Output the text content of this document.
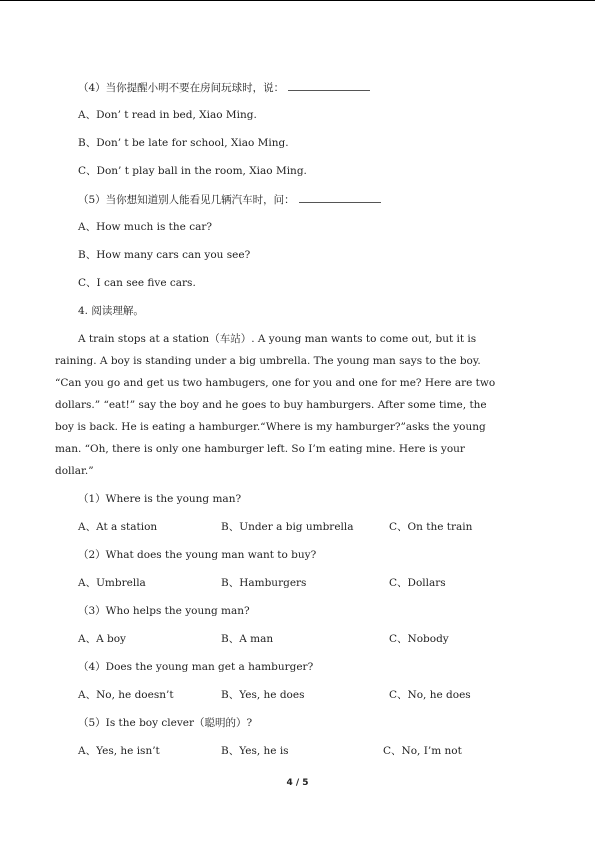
（4）当你提醒小明不要在房间玩球时，说：
A、Don’ t read in bed, Xiao Ming.
B、Don’ t be late for school, Xiao Ming.
C、Don’ t play ball in the room, Xiao Ming.
（5）当你想知道别人能看见几辆汽车时，问：
A、How much is the car?
B、How many cars can you see?
C、I can see five cars.
4. 阅读理解。
A train stops at a station（车站）. A young man wants to come out, but it is
raining. A boy is standing under a big umbrella. The young man says to the boy.
“Can you go and get us two hambugers, one for you and one for me? Here are two
dollars.” “eat!” say the boy and he goes to buy hamburgers. After some time, the
boy is back. He is eating a hamburger.“Where is my hamburger?”asks the young
man. “Oh, there is only one hamburger left. So I’m eating mine. Here is your
dollar.”
（1）Where is the young man?
A、At a station	B、Under a big umbrella	C、On the train
（2）What does the young man want to buy?
A、Umbrella	B、Hamburgers	C、Dollars
（3）Who helps the young man?
A、A boy	B、A man	C、Nobody
（4）Does the young man get a hamburger?
A、No, he doesn’t	B、Yes, he does	C、No, he does
（5）Is the boy clever（聪明的）?
A、Yes, he isn’t	B、Yes, he is	C、No, I’m not
4 / 5
